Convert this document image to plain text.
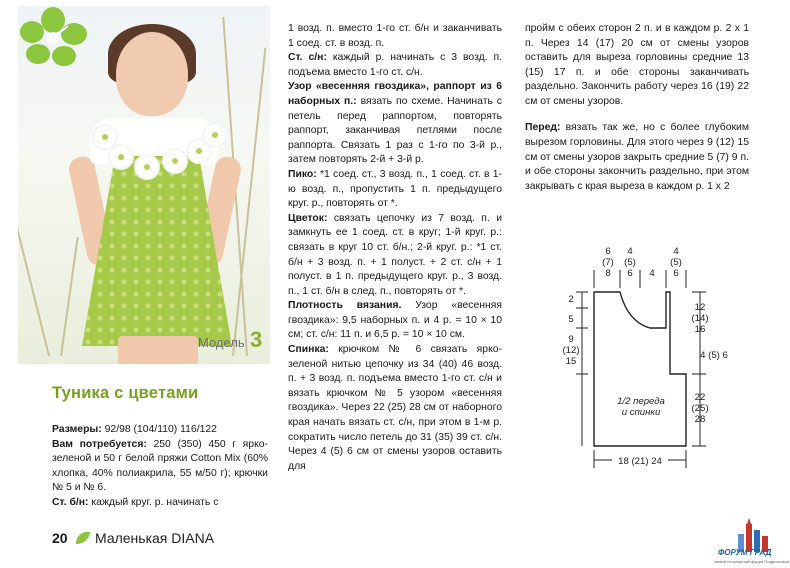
Модель 3
Туника с цветами

Размеры: 92/98 (104/110) 116/122

Вам потребуется: 250 (350) 450 г ярко-зеленой и 50 г белой пряжи Cotton Mix (60% хлопка, 40% полиакрила, 55 м/50 г); крючки № 5 и № 6.

Ст. б/н: каждый круг. р. начинать с

1 возд. п. вместо 1-го ст. б/н и заканчивать 1 соед. ст. в возд. п.

Ст. с/н: каждый р. начинать с 3 возд. п. подъема вместо 1-го ст. с/н.

Узор «весенняя гвоздика», раппорт из 6 наборных п.: вязать по схеме. Начинать с петель перед раппортом, повторять раппорт, заканчивая петлями после раппорта. Связать 1 раз с 1-го по 3-й р., затем повторять 2-й + 3-й р.

Пико: *1 соед. ст., 3 возд. п., 1 соед. ст. в 1-ю возд. п., пропустить 1 п. предыдущего круг. р., повторять от *.

Цветок: связать цепочку из 7 возд. п. и замкнуть ее 1 соед. ст. в круг; 1-й круг. р.: связать в круг 10 ст. б/н.; 2-й круг. р.: *1 ст. б/н + 3 возд. п. + 1 полуст. + 2 ст. с/н + 1 полуст. в 1 п. предыдущего круг. р., 3 возд. п., 1 ст. б/н в след. п., повторять от *.

Плотность вязания. Узор «весенняя гвоздика»: 9,5 наборных п. и 4 р. = 10 × 10 см; ст. с/н: 11 п. и 6,5 р. = 10 × 10 см.

Спинка: крючком № 6 связать ярко-зеленой нитью цепочку из 34 (40) 46 возд. п. + 3 возд. п. подъема вместо 1-го ст. с/н и вязать крючком № 5 узором «весенняя гвоздика». Через 22 (25) 28 см от наборного края начать вязать ст. с/н, при этом в 1-м р. сократить число петель до 31 (35) 39 ст. с/н. Через 4 (5) 6 см от смены узоров оставить для

пройм с обеих сторон 2 п. и в каждом р. 2 х 1 п. Через 14 (17) 20 см от смены узоров оставить для выреза горловины средние 13 (15) 17 п. и обе стороны заканчивать раздельно. Закончить работу через 16 (19) 22 см от смены узоров.

Перед: вязать так же, но с более глубоким вырезом горловины. Для этого через 9 (12) 15 см от смены узоров закрыть средние 5 (7) 9 п. и обе стороны закончить раздельно, при этом закрывать с края выреза в каждом р. 1 х 2

6
(7)
8
4
(5)
6	4
4
(5)
6
2
5
9
(12)
15
12
(14)
16
4 (5) 6
22
(25)
28
1/2 переда
и спинки
18 (21) 24
20 Маленькая DIANA
ФОРУМ ГРАД
самый популярный форум Подмосковья
